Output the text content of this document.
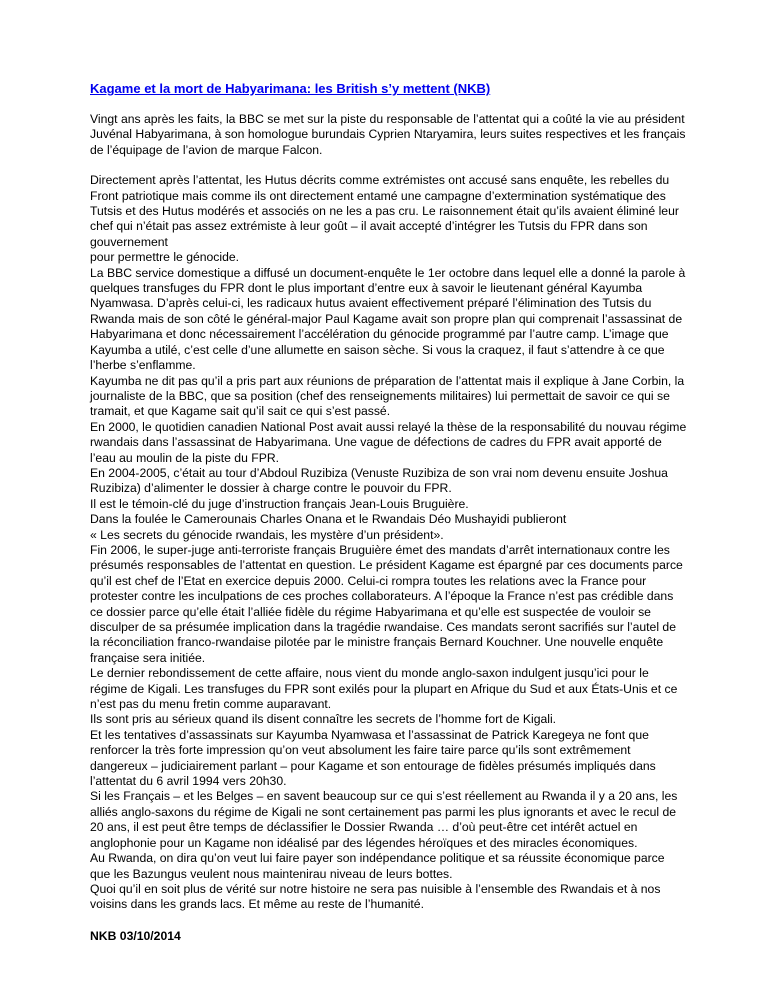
Kagame et la mort de Habyarimana: les British s’y mettent (NKB)

Vingt ans après les faits, la BBC se met sur la piste du responsable de l’attentat qui a coûté la vie au président Juvénal Habyarimana, à son homologue burundais Cyprien Ntaryamira, leurs suites respectives et les français de l’équipage de l’avion de marque Falcon.

Directement après l’attentat, les Hutus décrits comme extrémistes ont accusé sans enquête, les rebelles du Front patriotique mais comme ils ont directement entamé une campagne d’extermination systématique des Tutsis et des Hutus modérés et associés on ne les a pas cru. Le raisonnement était qu’ils avaient éliminé leur chef qui n’était pas assez extrémiste à leur goût – il avait accepté d’intégrer les Tutsis du FPR dans son gouvernement

pour permettre le génocide.

La BBC service domestique a diffusé un document-enquête le 1er octobre dans lequel elle a donné la parole à quelques transfuges du FPR dont le plus important d’entre eux à savoir le lieutenant général Kayumba Nyamwasa. D’après celui-ci, les radicaux hutus avaient effectivement préparé l’élimination des Tutsis du Rwanda mais de son côté le général-major Paul Kagame avait son propre plan qui comprenait l’assassinat de Habyarimana et donc nécessairement l’accélération du génocide programmé par l’autre camp. L’image que Kayumba a utilé, c’est celle d’une allumette en saison sèche. Si vous la craquez, il faut s’attendre à ce que l’herbe s’enflamme.

Kayumba ne dit pas qu’il a pris part aux réunions de préparation de l’attentat mais il explique à Jane Corbin, la journaliste de la BBC, que sa position (chef des renseignements militaires) lui permettait de savoir ce qui se tramait, et que Kagame sait qu’il sait ce qui s’est passé.

En 2000, le quotidien canadien National Post avait aussi relayé la thèse de la responsabilité du nouvau régime rwandais dans l’assassinat de Habyarimana. Une vague de défections de cadres du FPR avait apporté de l’eau au moulin de la piste du FPR.

En 2004-2005, c’était au tour d’Abdoul Ruzibiza (Venuste Ruzibiza de son vrai nom devenu ensuite Joshua Ruzibiza) d’alimenter le dossier à charge contre le pouvoir du FPR.

Il est le témoin-clé du juge d’instruction français Jean-Louis Bruguière.

Dans la foulée le Camerounais Charles Onana et le Rwandais Déo Mushayidi publieront

« Les secrets du génocide rwandais, les mystère d’un président».

Fin 2006, le super-juge anti-terroriste français Bruguière émet des mandats d’arrêt internationaux contre les présumés responsables de l’attentat en question. Le président Kagame est épargné par ces documents parce qu’il est chef de l’Etat en exercice depuis 2000. Celui-ci rompra toutes les relations avec la France pour protester contre les inculpations de ces proches collaborateurs. A l’époque la France n’est pas crédible dans ce dossier parce qu’elle était l’alliée fidèle du régime Habyarimana et qu’elle est suspectée de vouloir se disculper de sa présumée implication dans la tragédie rwandaise. Ces mandats seront sacrifiés sur l’autel de la réconciliation franco-rwandaise pilotée par le ministre français Bernard Kouchner. Une nouvelle enquête française sera initiée.

Le dernier rebondissement de cette affaire, nous vient du monde anglo-saxon indulgent jusqu’ici pour le régime de Kigali. Les transfuges du FPR sont exilés pour la plupart en Afrique du Sud et aux États-Unis et ce n’est pas du menu fretin comme auparavant.

Ils sont pris au sérieux quand ils disent connaître les secrets de l’homme fort de Kigali.

Et les tentatives d’assassinats sur Kayumba Nyamwasa et l’assassinat de Patrick Karegeya ne font que renforcer la très forte impression qu’on veut absolument les faire taire parce qu’ils sont extrêmement dangereux – judiciairement parlant – pour Kagame et son entourage de fidèles présumés impliqués dans l’attentat du 6 avril 1994 vers 20h30.

Si les Français – et les Belges – en savent beaucoup sur ce qui s’est réellement au Rwanda il y a 20 ans, les alliés anglo-saxons du régime de Kigali ne sont certainement pas parmi les plus ignorants et avec le recul de 20 ans, il est peut être temps de déclassifier le Dossier Rwanda … d’où peut-être cet intérêt actuel en anglophonie pour un Kagame non idéalisé par des légendes héroïques et des miracles économiques.

Au Rwanda, on dira qu’on veut lui faire payer son indépendance politique et sa réussite économique parce que les Bazungus veulent nous maintenirau niveau de leurs bottes.

Quoi qu’il en soit plus de vérité sur notre histoire ne sera pas nuisible à l’ensemble des Rwandais et à nos voisins dans les grands lacs. Et même au reste de l’humanité.

NKB 03/10/2014
